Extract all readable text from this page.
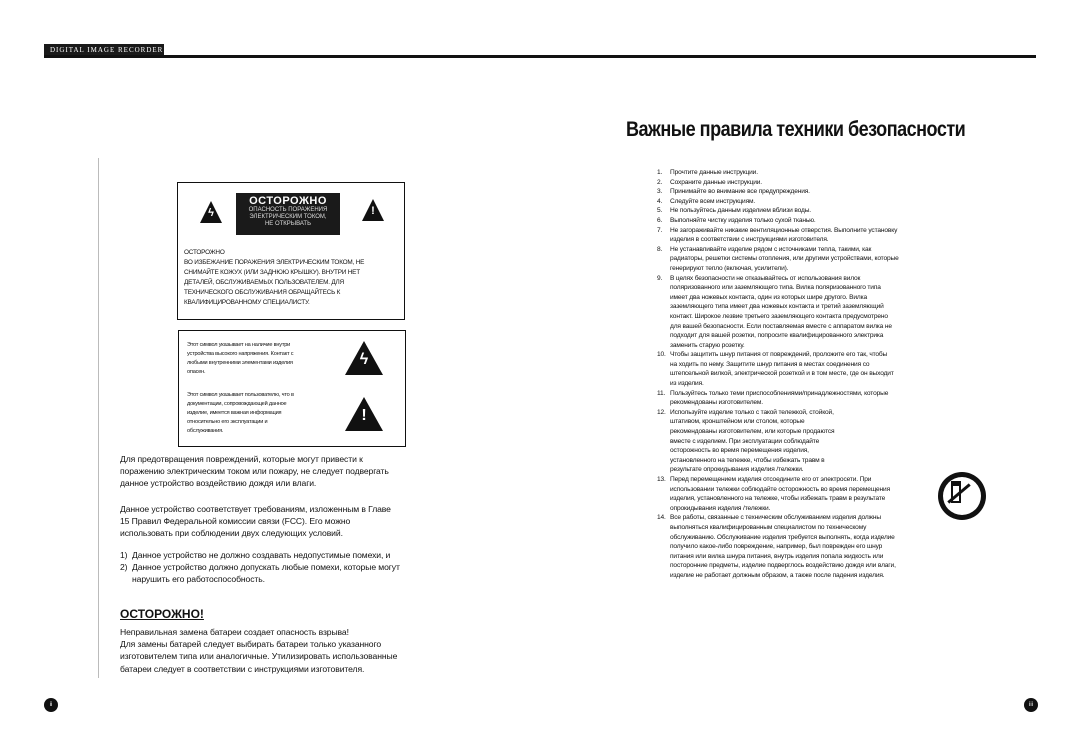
DIGITAL IMAGE RECORDER
Важные правила техники безопасности
ϟ
ОСТОРОЖНО
ОПАСНОСТЬ ПОРАЖЕНИЯ
ЭЛЕКТРИЧЕСКИМ ТОКОМ,
НЕ ОТКРЫВАТЬ
!
ОСТОРОЖНО
ВО ИЗБЕЖАНИЕ ПОРАЖЕНИЯ ЭЛЕКТРИЧЕСКИМ ТОКОМ, НЕ
СНИМАЙТЕ КОЖУХ (ИЛИ ЗАДНЮЮ КРЫШКУ). ВНУТРИ НЕТ
ДЕТАЛЕЙ, ОБСЛУЖИВАЕМЫХ ПОЛЬЗОВАТЕЛЕМ. ДЛЯ
ТЕХНИЧЕСКОГО ОБСЛУЖИВАНИЯ ОБРАЩАЙТЕСЬ К
КВАЛИФИЦИРОВАННОМУ СПЕЦИАЛИСТУ.
Этот символ указывает на наличие внутри
устройства высокого напряжения. Контакт с
любыми внутренними элементами изделия
опасен.
ϟ
Этот символ указывает пользователю, что в
документации, сопровождающей данное
изделие, имеется важная информация
относительно его эксплуатации и
обслуживания.
!
Для предотвращения повреждений, которые могут привести к
поражению электрическим током или пожару, не следует подвергать
данное устройство воздействию дождя или влаги.
Данное устройство соответствует требованиям, изложенным в Главе
15 Правил Федеральной комиссии связи (FCC). Его можно
использовать при соблюдении двух следующих условий.
1) Данное устройство не должно создавать недопустимые помехи, и
2) Данное устройство должно допускать любые помехи, которые могут
нарушить его работоспособность.
ОСТОРОЖНО!
Неправильная замена батареи создает опасность взрыва!
Для замены батарей следует выбирать батареи только указанного
изготовителем типа или аналогичные. Утилизировать использованные
батареи следует в соответствии с инструкциями изготовителя.
1.	Прочтите данные инструкции.
2.	Сохраните данные инструкции.
3.	Принимайте во внимание все предупреждения.
4.	Следуйте всем инструкциям.
5.	Не пользуйтесь данным изделием вблизи воды.
6.	Выполняйте чистку изделия только сухой тканью.
7.	Не загораживайте никакие вентиляционные отверстия. Выполните установку
изделия в соответствии с инструкциями изготовителя.
8.	Не устанавливайте изделие рядом с источниками тепла, такими, как
радиаторы, решетки системы отопления, или другими устройствами, которые
генерируют тепло (включая, усилители).
9.	В целях безопасности не отказывайтесь от использования вилок
поляризованного или заземляющего типа. Вилка поляризованного типа
имеет два ножевых контакта, один из которых шире другого. Вилка
заземляющего типа имеет два ножевых контакта и третий заземляющий
контакт. Широкое лезвие третьего заземляющего контакта предусмотрено
для вашей безопасности. Если поставляемая вместе с аппаратом вилка не
подходит для вашей розетки, попросите квалифицированного электрика
заменить старую розетку.
10. Чтобы защитить шнур питания от повреждений, проложите его так, чтобы
на ходить по нему. Защитите шнур питания в местах соединения со
штепсельной вилкой, электрической розеткой и в том месте, где он выходит
из изделия.
11. Пользуйтесь только теми приспособлениями/принадлежностями, которые
рекомендованы изготовителем.
12. Используйте изделие только с такой тележкой, стойкой,
штативом, кронштейном или столом, которые
рекомендованы изготовителем, или которые продаются
вместе с изделием. При эксплуатации соблюдайте
осторожность во время перемещения изделия,
установленного на тележке, чтобы избежать травм в
результате опрокидывания изделия /тележки.
13. Перед перемещением изделия отсоедините его от электросети. При
использовании тележки соблюдайте осторожность во время перемещения
изделия, установленного на тележке, чтобы избежать травм в результате
опрокидывания изделия /тележки.
14. Все работы, связанные с техническим обслуживанием изделия должны
выполняться квалифицированным специалистом по техническому
обслуживанию. Обслуживание изделия требуется выполнять, когда изделие
получило какое-либо повреждение, например, был поврежден его шнур
питания или вилка шнура питания, внутрь изделия попала жидкость или
посторонние предметы, изделие подверглось воздействию дождя или влаги,
изделие не работает должным образом, а также после падения изделия.
ii	iii
